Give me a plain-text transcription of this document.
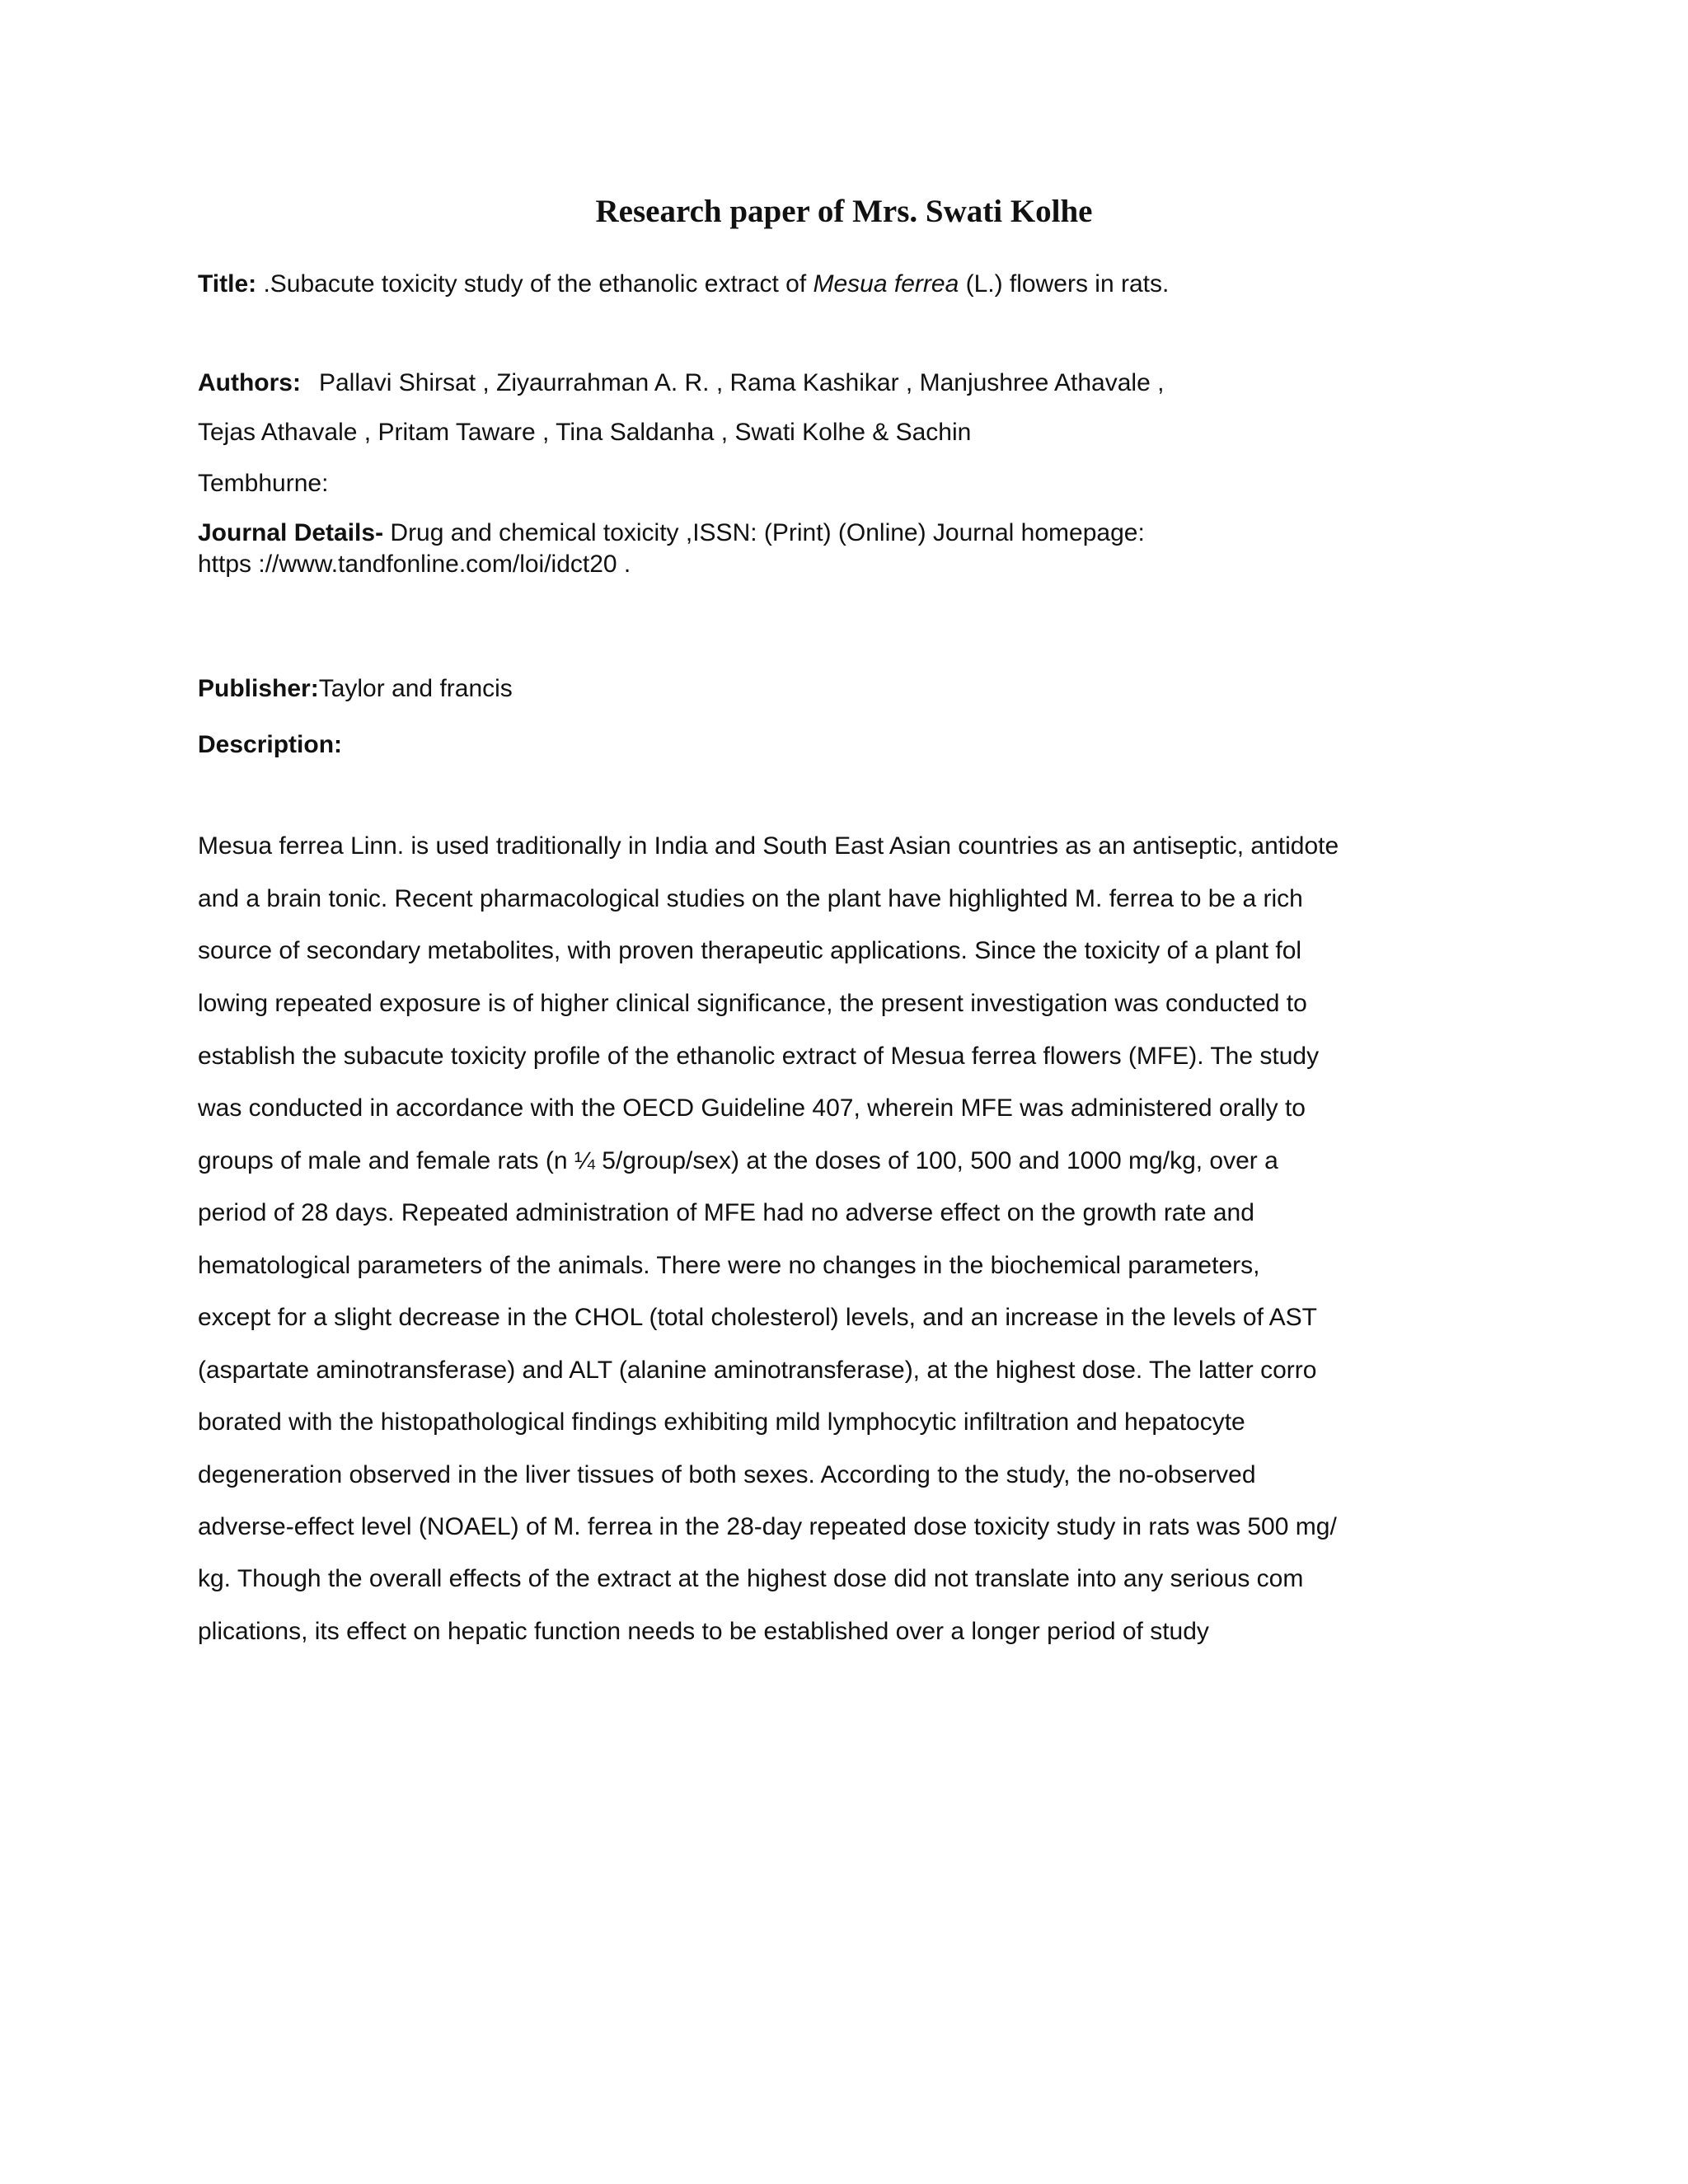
Research paper of Mrs. Swati Kolhe
Title: .Subacute toxicity study of the ethanolic extract of Mesua ferrea (L.) flowers in rats.
Authors: Pallavi Shirsat , Ziyaurrahman A. R. , Rama Kashikar , Manjushree Athavale ,
Tejas Athavale , Pritam Taware , Tina Saldanha , Swati Kolhe & Sachin
Tembhurne:
Journal Details- Drug and chemical toxicity ,ISSN: (Print) (Online) Journal homepage:
https ://www.tandfonline.com/loi/idct20 .
Publisher:Taylor and francis
Description:
Mesua ferrea Linn. is used traditionally in India and South East Asian countries as an antiseptic, antidote
and a brain tonic. Recent pharmacological studies on the plant have highlighted M. ferrea to be a rich
source of secondary metabolites, with proven therapeutic applications. Since the toxicity of a plant fol
lowing repeated exposure is of higher clinical significance, the present investigation was conducted to
establish the subacute toxicity profile of the ethanolic extract of Mesua ferrea flowers (MFE). The study
was conducted in accordance with the OECD Guideline 407, wherein MFE was administered orally to
groups of male and female rats (n ¼ 5/group/sex) at the doses of 100, 500 and 1000 mg/kg, over a
period of 28 days. Repeated administration of MFE had no adverse effect on the growth rate and
hematological parameters of the animals. There were no changes in the biochemical parameters,
except for a slight decrease in the CHOL (total cholesterol) levels, and an increase in the levels of AST
(aspartate aminotransferase) and ALT (alanine aminotransferase), at the highest dose. The latter corro
borated with the histopathological findings exhibiting mild lymphocytic infiltration and hepatocyte
degeneration observed in the liver tissues of both sexes. According to the study, the no-observed
adverse-effect level (NOAEL) of M. ferrea in the 28-day repeated dose toxicity study in rats was 500 mg/
kg. Though the overall effects of the extract at the highest dose did not translate into any serious com
plications, its effect on hepatic function needs to be established over a longer period of study
